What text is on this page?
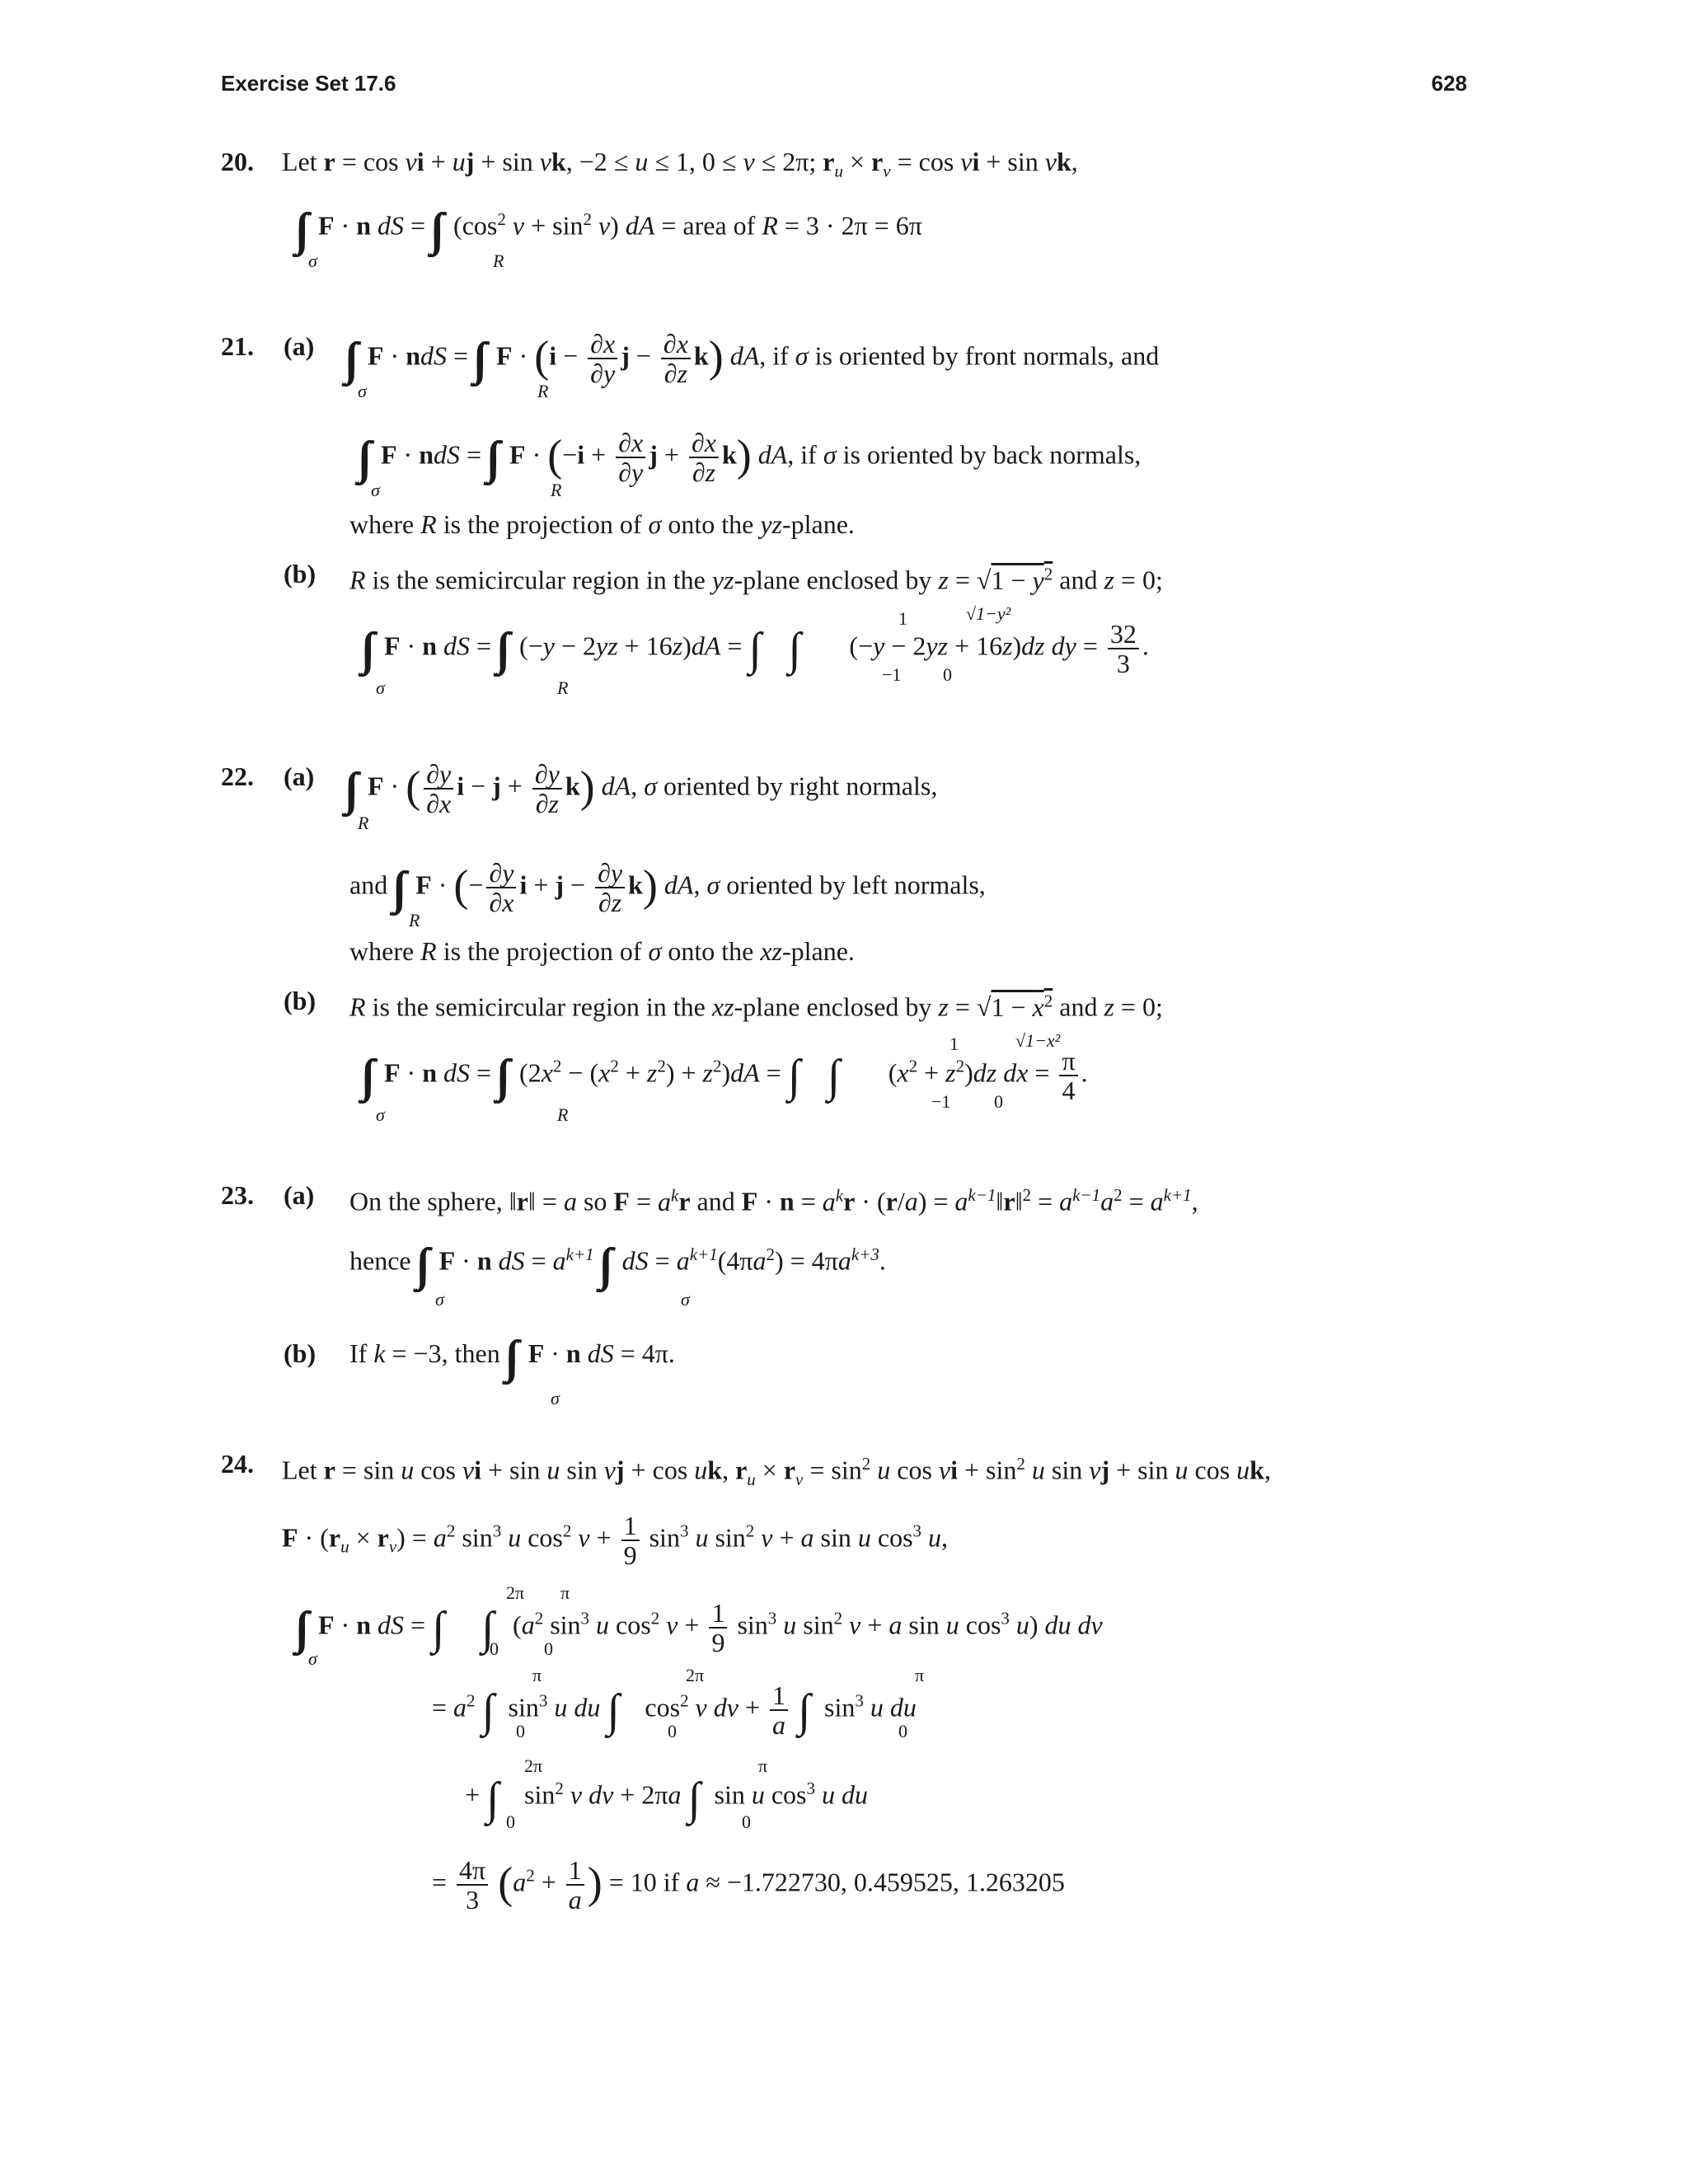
Exercise Set 17.6	628
20. Let r = cos vi + uj + sin vk, −2 ≤ u ≤ 1, 0 ≤ v ≤ 2π; $r_u \times r_v = \cos$ vi + sin vk,
F · n dS = ($\cos^2$ $v + \sin^2 v$) dA = area of R = 3 · 2π = 6π
σ	R
21. (a)	F · ndS = $F \cdot (i - \frac{\partial x}{\partial y}$ $j - \frac{\partial x}{\partial z} k$) dA, if σ is oriented by front normals, and
σ	R
F · ndS = $F \cdot (-i + \frac{\partial x}{\partial y}$ $j + \frac{\partial x}{\partial z} k$) dA, if σ is oriented by back normals,
σ	R
where R is the projection of σ onto the yz-plane.
(b) R is the semicircular region in the yz-plane enclosed by $z = √1 - y^2$ and z = 0;
F · n dS = (−y − 2yz + 16z)dA =	(−y − 2yz + 16z)dz dy = $\frac{32}{3}$ .
σ	R
1
−1 0
√1−y²
22. (a)	F · ( $\frac{\partial y}{\partial x}$ $i - j + \frac{\partial y}{\partial z} k$) dA, σ oriented by right normals,
R
and F · (− $\frac{\partial y}{\partial x}$ $i + j - \frac{\partial y}{\partial z} k$) dA, σ oriented by left normals,
R
where R is the projection of σ onto the xz-plane.
(b) R is the semicircular region in the xz-plane enclosed by $z = √1 - x^2$ and z = 0;
F · n dS = $(2x^2 - (x^2 + z^2) + z^2)dA$ =	$(x^2 + z^2)dz$ dx = $\frac{\pi}{4}$ .
σ	R
1
−1 0
√1−x²
23. (a) On the sphere, ‖r‖ = a so $F = a^kr$ and $F \cdot n = a^kr \cdot (r/a)$ = $a^{k-1}‖r‖^2 = a^{k-1}a^2 = a^{k+1}$,
hence F · n dS = $a^{k+1}$ dS = $a^{k+1}(4\pi a^2) = 4\pi a^{k+3}$.
σ	σ
(b) If k = −3, then F · n dS = 4π.
σ
24. Let r = sin u cos vi + sin u sin vj + cos uk, $r_u \times r_v = \sin^2 u$ cos vi + $\sin^2 u$ sin vj + sin u cos uk,
$F \cdot (r_u \times r_v) = a^2$ $\sin^3 u$ $\cos^2 v + \frac{1}{9} \sin^3 u$ $\sin^2 v + a$ sin u $\cos^3 u$,
F · n dS =	($a^2$ $\sin^3 u$ $\cos^2 v + \frac{1}{9} \sin^3 u$ $\sin^2 v + a$ sin u $\cos^3 u$) du dv
σ
2π
0
π
0
= $a^2$ $\sin^3 u$ du $\cos^2 v$ dv + $\frac{1}{a} \sin^3 u$ du
π
0
2π
0
π
0
+ $\sin^2 v$ dv + 2πa sin u $\cos^3 u$ du
2π
0
π
0
= $\frac{4\pi}{3} (a^2 + \frac{1}{a}$ ) = 10 if a ≈ −1.722730, 0.459525, 1.263205
